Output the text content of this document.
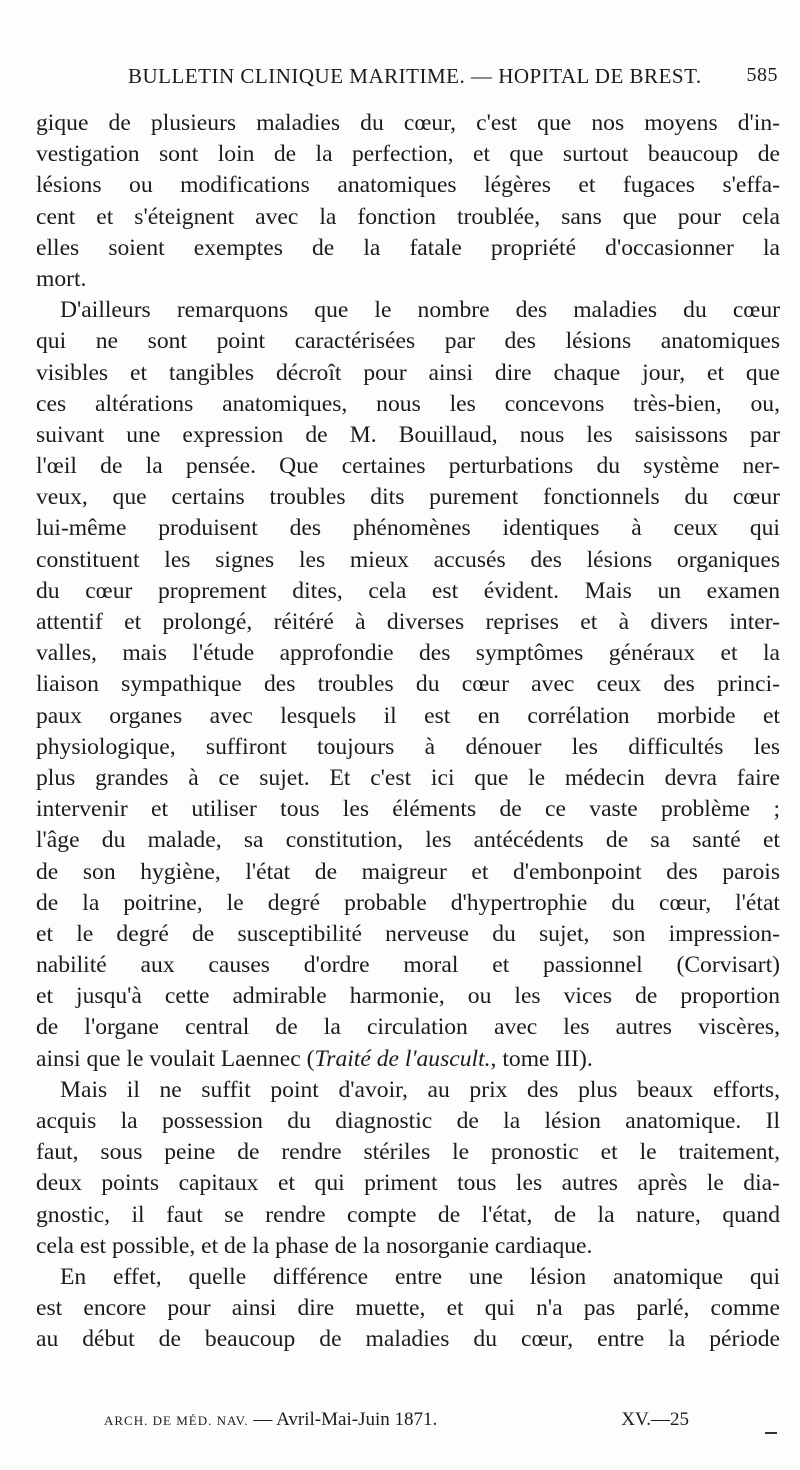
BULLETIN CLINIQUE MARITIME. — HOPITAL DE BREST. 585
gique de plusieurs maladies du cœur, c'est que nos moyens d'in-
vestigation sont loin de la perfection, et que surtout beaucoup de
lésions ou modifications anatomiques légères et fugaces s'effa-
cent et s'éteignent avec la fonction troublée, sans que pour cela
elles soient exemptes de la fatale propriété d'occasionner la
mort.
D'ailleurs remarquons que le nombre des maladies du cœur
qui ne sont point caractérisées par des lésions anatomiques
visibles et tangibles décroît pour ainsi dire chaque jour, et que
ces altérations anatomiques, nous les concevons très-bien, ou,
suivant une expression de M. Bouillaud, nous les saisissons par
l'œil de la pensée. Que certaines perturbations du système ner-
veux, que certains troubles dits purement fonctionnels du cœur
lui-même produisent des phénomènes identiques à ceux qui
constituent les signes les mieux accusés des lésions organiques
du cœur proprement dites, cela est évident. Mais un examen
attentif et prolongé, réitéré à diverses reprises et à divers inter-
valles, mais l'étude approfondie des symptômes généraux et la
liaison sympathique des troubles du cœur avec ceux des princi-
paux organes avec lesquels il est en corrélation morbide et
physiologique, suffiront toujours à dénouer les difficultés les
plus grandes à ce sujet. Et c'est ici que le médecin devra faire
intervenir et utiliser tous les éléments de ce vaste problème ;
l'âge du malade, sa constitution, les antécédents de sa santé et
de son hygiène, l'état de maigreur et d'embonpoint des parois
de la poitrine, le degré probable d'hypertrophie du cœur, l'état
et le degré de susceptibilité nerveuse du sujet, son impression-
nabilité aux causes d'ordre moral et passionnel (Corvisart)
et jusqu'à cette admirable harmonie, ou les vices de proportion
de l'organe central de la circulation avec les autres viscères,
ainsi que le voulait Laennec (Traité de l'auscult., tome III).
Mais il ne suffit point d'avoir, au prix des plus beaux efforts,
acquis la possession du diagnostic de la lésion anatomique. Il
faut, sous peine de rendre stériles le pronostic et le traitement,
deux points capitaux et qui priment tous les autres après le dia-
gnostic, il faut se rendre compte de l'état, de la nature, quand
cela est possible, et de la phase de la nosorganie cardiaque.
En effet, quelle différence entre une lésion anatomique qui
est encore pour ainsi dire muette, et qui n'a pas parlé, comme
au début de beaucoup de maladies du cœur, entre la période
ARCH. DE MÉD. NAV. — Avril-Mai-Juin 1871.	XV.—25
